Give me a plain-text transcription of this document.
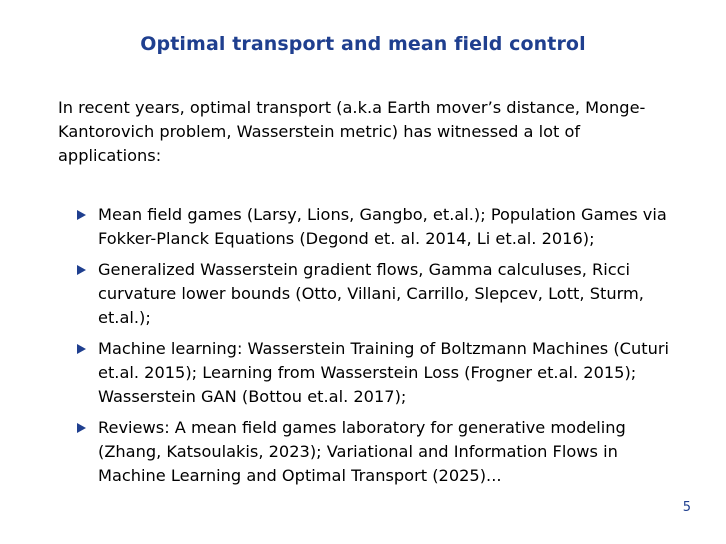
Optimal transport and mean field control
In recent years, optimal transport (a.k.a Earth mover’s distance, Monge-Kantorovich problem, Wasserstein metric) has witnessed a lot of applications:
Mean field games (Larsy, Lions, Gangbo, et.al.); Population Games via Fokker-Planck Equations (Degond et. al. 2014, Li et.al. 2016);
Generalized Wasserstein gradient flows, Gamma calculuses, Ricci curvature lower bounds (Otto, Villani, Carrillo, Slepcev, Lott, Sturm, et.al.);
Machine learning: Wasserstein Training of Boltzmann Machines (Cuturi et.al. 2015); Learning from Wasserstein Loss (Frogner et.al. 2015); Wasserstein GAN (Bottou et.al. 2017);
Reviews: A mean field games laboratory for generative modeling (Zhang, Katsoulakis, 2023); Variational and Information Flows in Machine Learning and Optimal Transport (2025)...
5
